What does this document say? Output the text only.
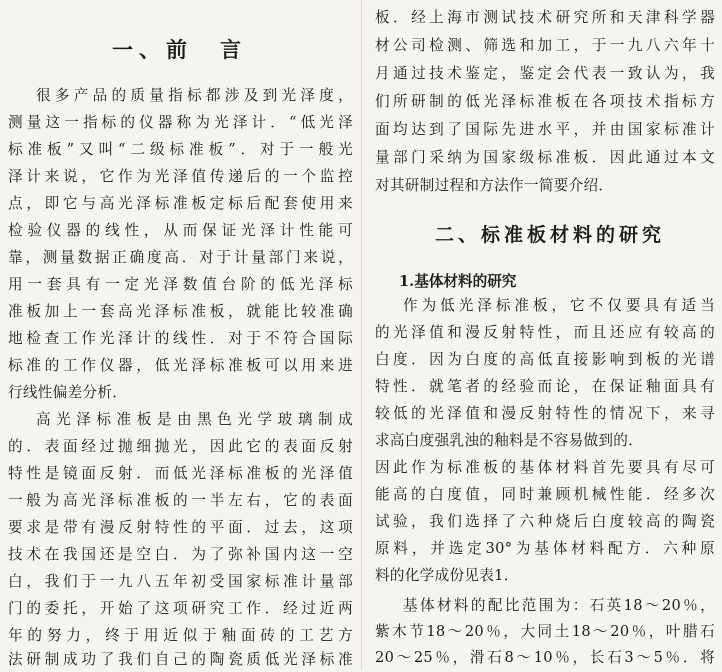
一、前　言
很多产品的质量指标都涉及到光泽度，
测量这一指标的仪器称为光泽计．“低光泽
标准板”又叫“二级标准板”．对于一般光
泽计来说，它作为光泽值传递后的一个监控
点，即它与高光泽标准板定标后配套使用来
检验仪器的线性，从而保证光泽计性能可
靠，测量数据正确度高．对于计量部门来说，
用一套具有一定光泽数值台阶的低光泽标
准板加上一套高光泽标准板，就能比较准确
地检查工作光泽计的线性．对于不符合国际
标准的工作仪器，低光泽标准板可以用来进
行线性偏差分析．
高光泽标准板是由黑色光学玻璃制成
的．表面经过抛细抛光，因此它的表面反射
特性是镜面反射．而低光泽标准板的光泽值
一般为高光泽标准板的一半左右，它的表面
要求是带有漫反射特性的平面．过去，这项
技术在我国还是空白．为了弥补国内这一空
白，我们于一九八五年初受国家标准计量部
门的委托，开始了这项研究工作．经过近两
年的努力，终于用近似于釉面砖的工艺方
法研制成功了我们自己的陶瓷质低光泽标准
板．经上海市测试技术研究所和天津科学器
材公司检测、筛选和加工，于一九八六年十
月通过技术鉴定，鉴定会代表一致认为，我
们所研制的低光泽标准板在各项技术指标方
面均达到了国际先进水平，并由国家标准计
量部门采纳为国家级标准板．因此通过本文
对其研制过程和方法作一简要介绍．
二、标准板材料的研究
1.基体材料的研究
作为低光泽标准板，它不仅要具有适当
的光泽值和漫反射特性，而且还应有较高的
白度．因为白度的高低直接影响到板的光谱
特性．就笔者的经验而论，在保证釉面具有
较低的光泽值和漫反射特性的情况下，来寻
求高白度强乳浊的釉料是不容易做到的．
因此作为标准板的基体材料首先要具有尽可
能高的白度值，同时兼顾机械性能．经多次
试验，我们选择了六种烧后白度较高的陶瓷
原料，并选定30°为基体材料配方．六种原
料的化学成份见表1．
基体材料的配比范围为：石英18～20％，
紫木节18～20％，大同土18～20％，叶腊石
20～25％，滑石8～10％，长石3～5％．将
